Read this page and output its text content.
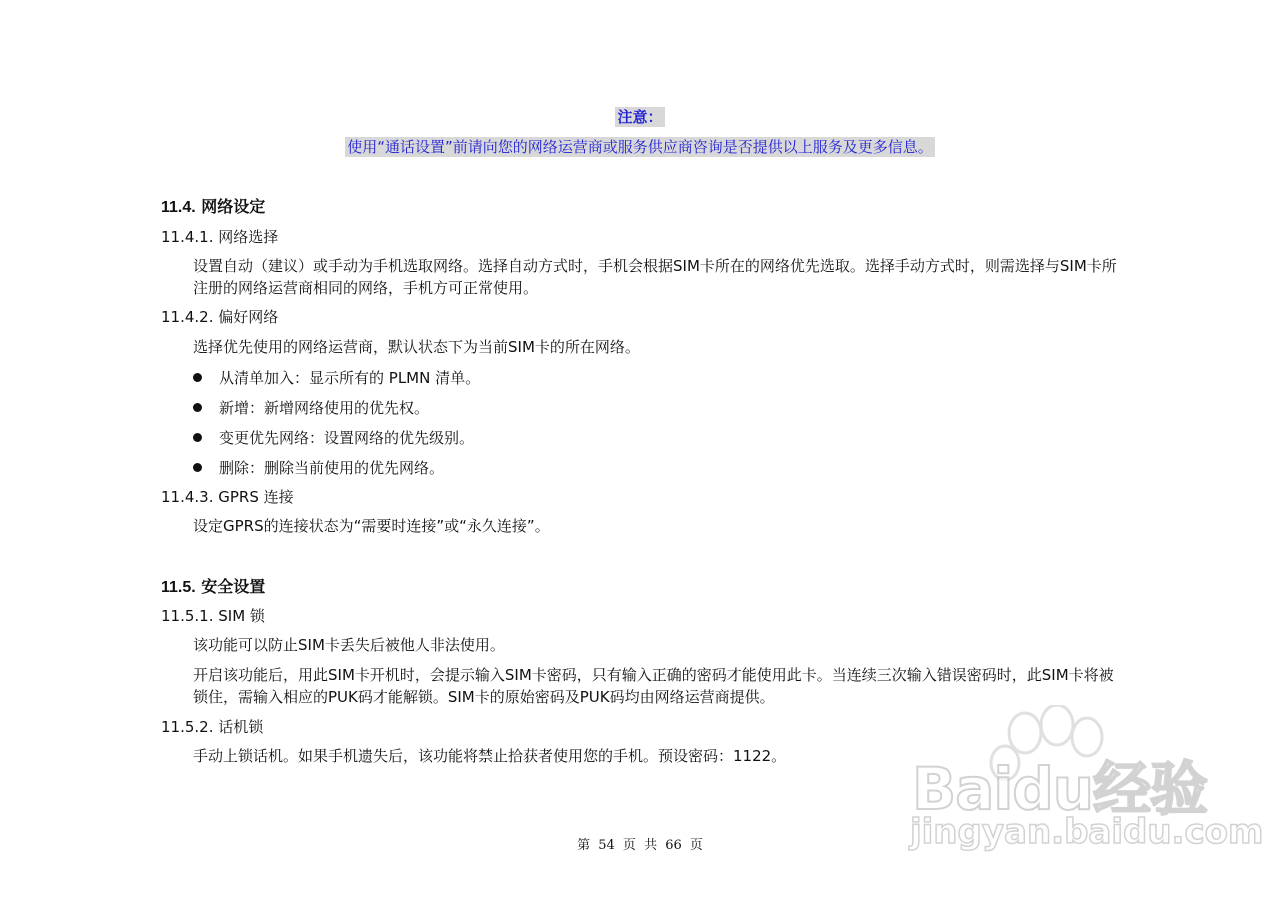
注意：
使用“通话设置”前请向您的网络运营商或服务供应商咨询是否提供以上服务及更多信息。
11.4. 网络设定
11.4.1. 网络选择
设置自动（建议）或手动为手机选取网络。选择自动方式时，手机会根据SIM卡所在的网络优先选取。选择手动方式时，则需选择与SIM卡所注册的网络运营商相同的网络，手机方可正常使用。
11.4.2. 偏好网络
选择优先使用的网络运营商，默认状态下为当前SIM卡的所在网络。
从清单加入：显示所有的 PLMN 清单。
新增：新增网络使用的优先权。
变更优先网络：设置网络的优先级别。
删除：删除当前使用的优先网络。
11.4.3. GPRS 连接
设定GPRS的连接状态为“需要时连接”或“永久连接”。
11.5. 安全设置
11.5.1. SIM 锁
该功能可以防止SIM卡丢失后被他人非法使用。
开启该功能后，用此SIM卡开机时，会提示输入SIM卡密码，只有输入正确的密码才能使用此卡。当连续三次输入错误密码时，此SIM卡将被锁住，需输入相应的PUK码才能解锁。SIM卡的原始密码及PUK码均由网络运营商提供。
11.5.2. 话机锁
手动上锁话机。如果手机遗失后，该功能将禁止拾获者使用您的手机。预设密码：1122。	Baidu经验
jingyan.baidu.com
第 54 页 共 66 页
